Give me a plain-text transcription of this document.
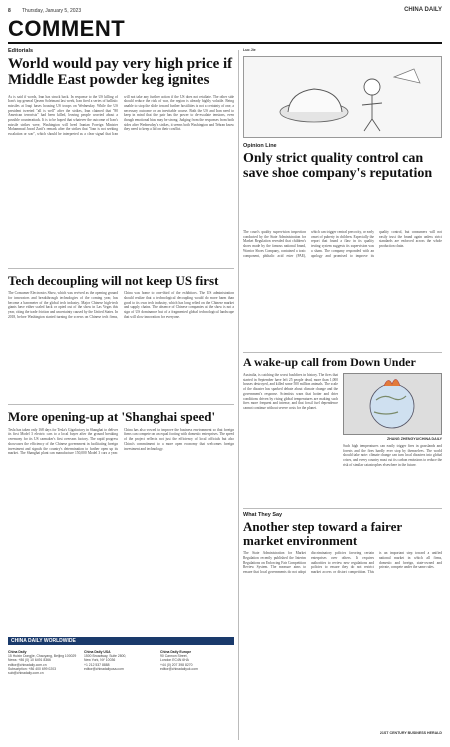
8 Thursday, January 5, 2023	CHINA DAILY
COMMENT
Editorials
World would pay very high price if Middle East powder keg ignites
As is said if words, Iran has struck back. In response to the US killing of Iran's top general Qasem Soleimani last week, Iran fired a series of ballistic missiles at Iraqi bases housing US troops on Wednesday. While the US president tweeted "all is well" after the strikes, Iran claimed that "80 American terrorists" had been killed, leaving people worried about a possible counterattack. It is to be hoped that whatever the outcome of Iran's missile strikes were, Washington will heed Iranian Foreign Minister Mohammad Javad Zarif's remark after the strikes that "Iran is not seeking escalation or war", which should be interpreted as a clear signal that Iran will not take any further action if the US does not retaliate. The other side should reduce the risk of war, the region is already highly volatile. Being unable to stop the slide toward further hostilities is not a certainty of one, a necessary outcome or an inevitable course. Both the US and Iran need to keep in mind that the pair has the power to de-escalate tensions, even though emotional bias may be strong. Judging from the responses from both sides after Wednesday's strikes, it seems both Washington and Tehran know they need to keep a lid on their conflict.
Tech decoupling will not keep US first
The Consumer Electronics Show, which was revived as the opening ground for innovators and breakthrough technologies of the coming year, has become a barometer of the global tech industry. Major Chinese high-tech giants have either scaled back or opted out of the show in Las Vegas this year, citing the trade friction and uncertainty caused by the United States. In 2018, before Washington started turning the screws on Chinese tech firms, China was home to one-third of the exhibitors. The US administration should realize that a technological decoupling would do more harm than good to its own tech industry, which has long relied on the Chinese market and supply chains. The absence of Chinese companies at the show is not a sign of US dominance but of a fragmented global technological landscape that will slow innovation for everyone.
More opening-up at 'Shanghai speed'
Tesla has taken only 168 days for Tesla's Gigafactory in Shanghai to deliver its first Model 3 electric cars to a local buyer after the ground breaking ceremony for its US carmaker's first overseas factory. The rapid progress showcases the efficiency of the Chinese government in facilitating foreign investment and signals the country's determination to further open up its market. The Shanghai plant can manufacture 150,000 Model 3 cars a year. China has also vowed to improve the business environment so that foreign firms can compete on an equal footing with domestic enterprises. The speed of the project reflects not just the efficiency of local officials but also China's commitment to a more open economy that welcomes foreign investment and technology.
Luo Jie
Opinion Line
Only strict quality control can save shoe company's reputation
The court's quality supervision inspection conducted by the State Administration for Market Regulation revealed that children's shoes made by the famous national brand, Warrior Shoes Company, contained a toxic component, phthalic acid ester (PAE), which can trigger central precocity, or early onset of puberty in children. Especially the report that found a flaw in its quality testing system suggests its supervision was a sham. The company responded with an apology and promised to improve its quality control, but consumers will not easily trust the brand again unless strict standards are enforced across the whole production chain.
A wake-up call from Down Under
Australia, is catching the worst bushfires in history. The fires that started in September have left 25 people dead, more than 1,000 houses destroyed, and killed some 500 million animals. The scale of the disaster has sparked debate about climate change and the government's response. Scientists warn that hotter and drier conditions driven by rising global temperatures are making such fires more frequent and intense, and that fossil fuel dependence cannot continue without severe costs for the planet.
ZHANG ZHENGYU/CHINA DAILY
Such high temperatures can easily trigger fires in grasslands and forests and the fires hardly ever stop by themselves. The world should take note: climate change can turn local disasters into global crises, and every country must cut its carbon emissions to reduce the risk of similar catastrophes elsewhere in the future.
What They Say
Another step toward a fairer market environment
The State Administration for Market Regulation recently published the Interim Regulations on Enforcing Fair Competition Review System. The measure aims to ensure that local governments do not adopt discriminatory policies favoring certain enterprises over others. It requires authorities to review new regulations and policies to ensure they do not restrict market access or distort competition. This is an important step toward a unified national market in which all firms, domestic and foreign, state-owned and private, compete under the same rules.
21ST CENTURY BUSINESS HERALD
CHINA DAILY WORLDWIDE
China Daily
15 Huixin Dongjie, Chaoyang, Beijing 100029
News: +86 (0) 10 6491 8366
editor@chinadaily.com.cn
Subscription: +86 400 699 0203
sub@chinadaily.com.cn
China Daily USA
1500 Broadway, Suite 2800,
New York, NY 10036
+1 212 537 8888
editor@chinadailyusa.com
China Daily Europe
90 Cannon Street,
London EC4N 6HA
+44 (0) 207 398 8270
editor@chinadailyuk.com
